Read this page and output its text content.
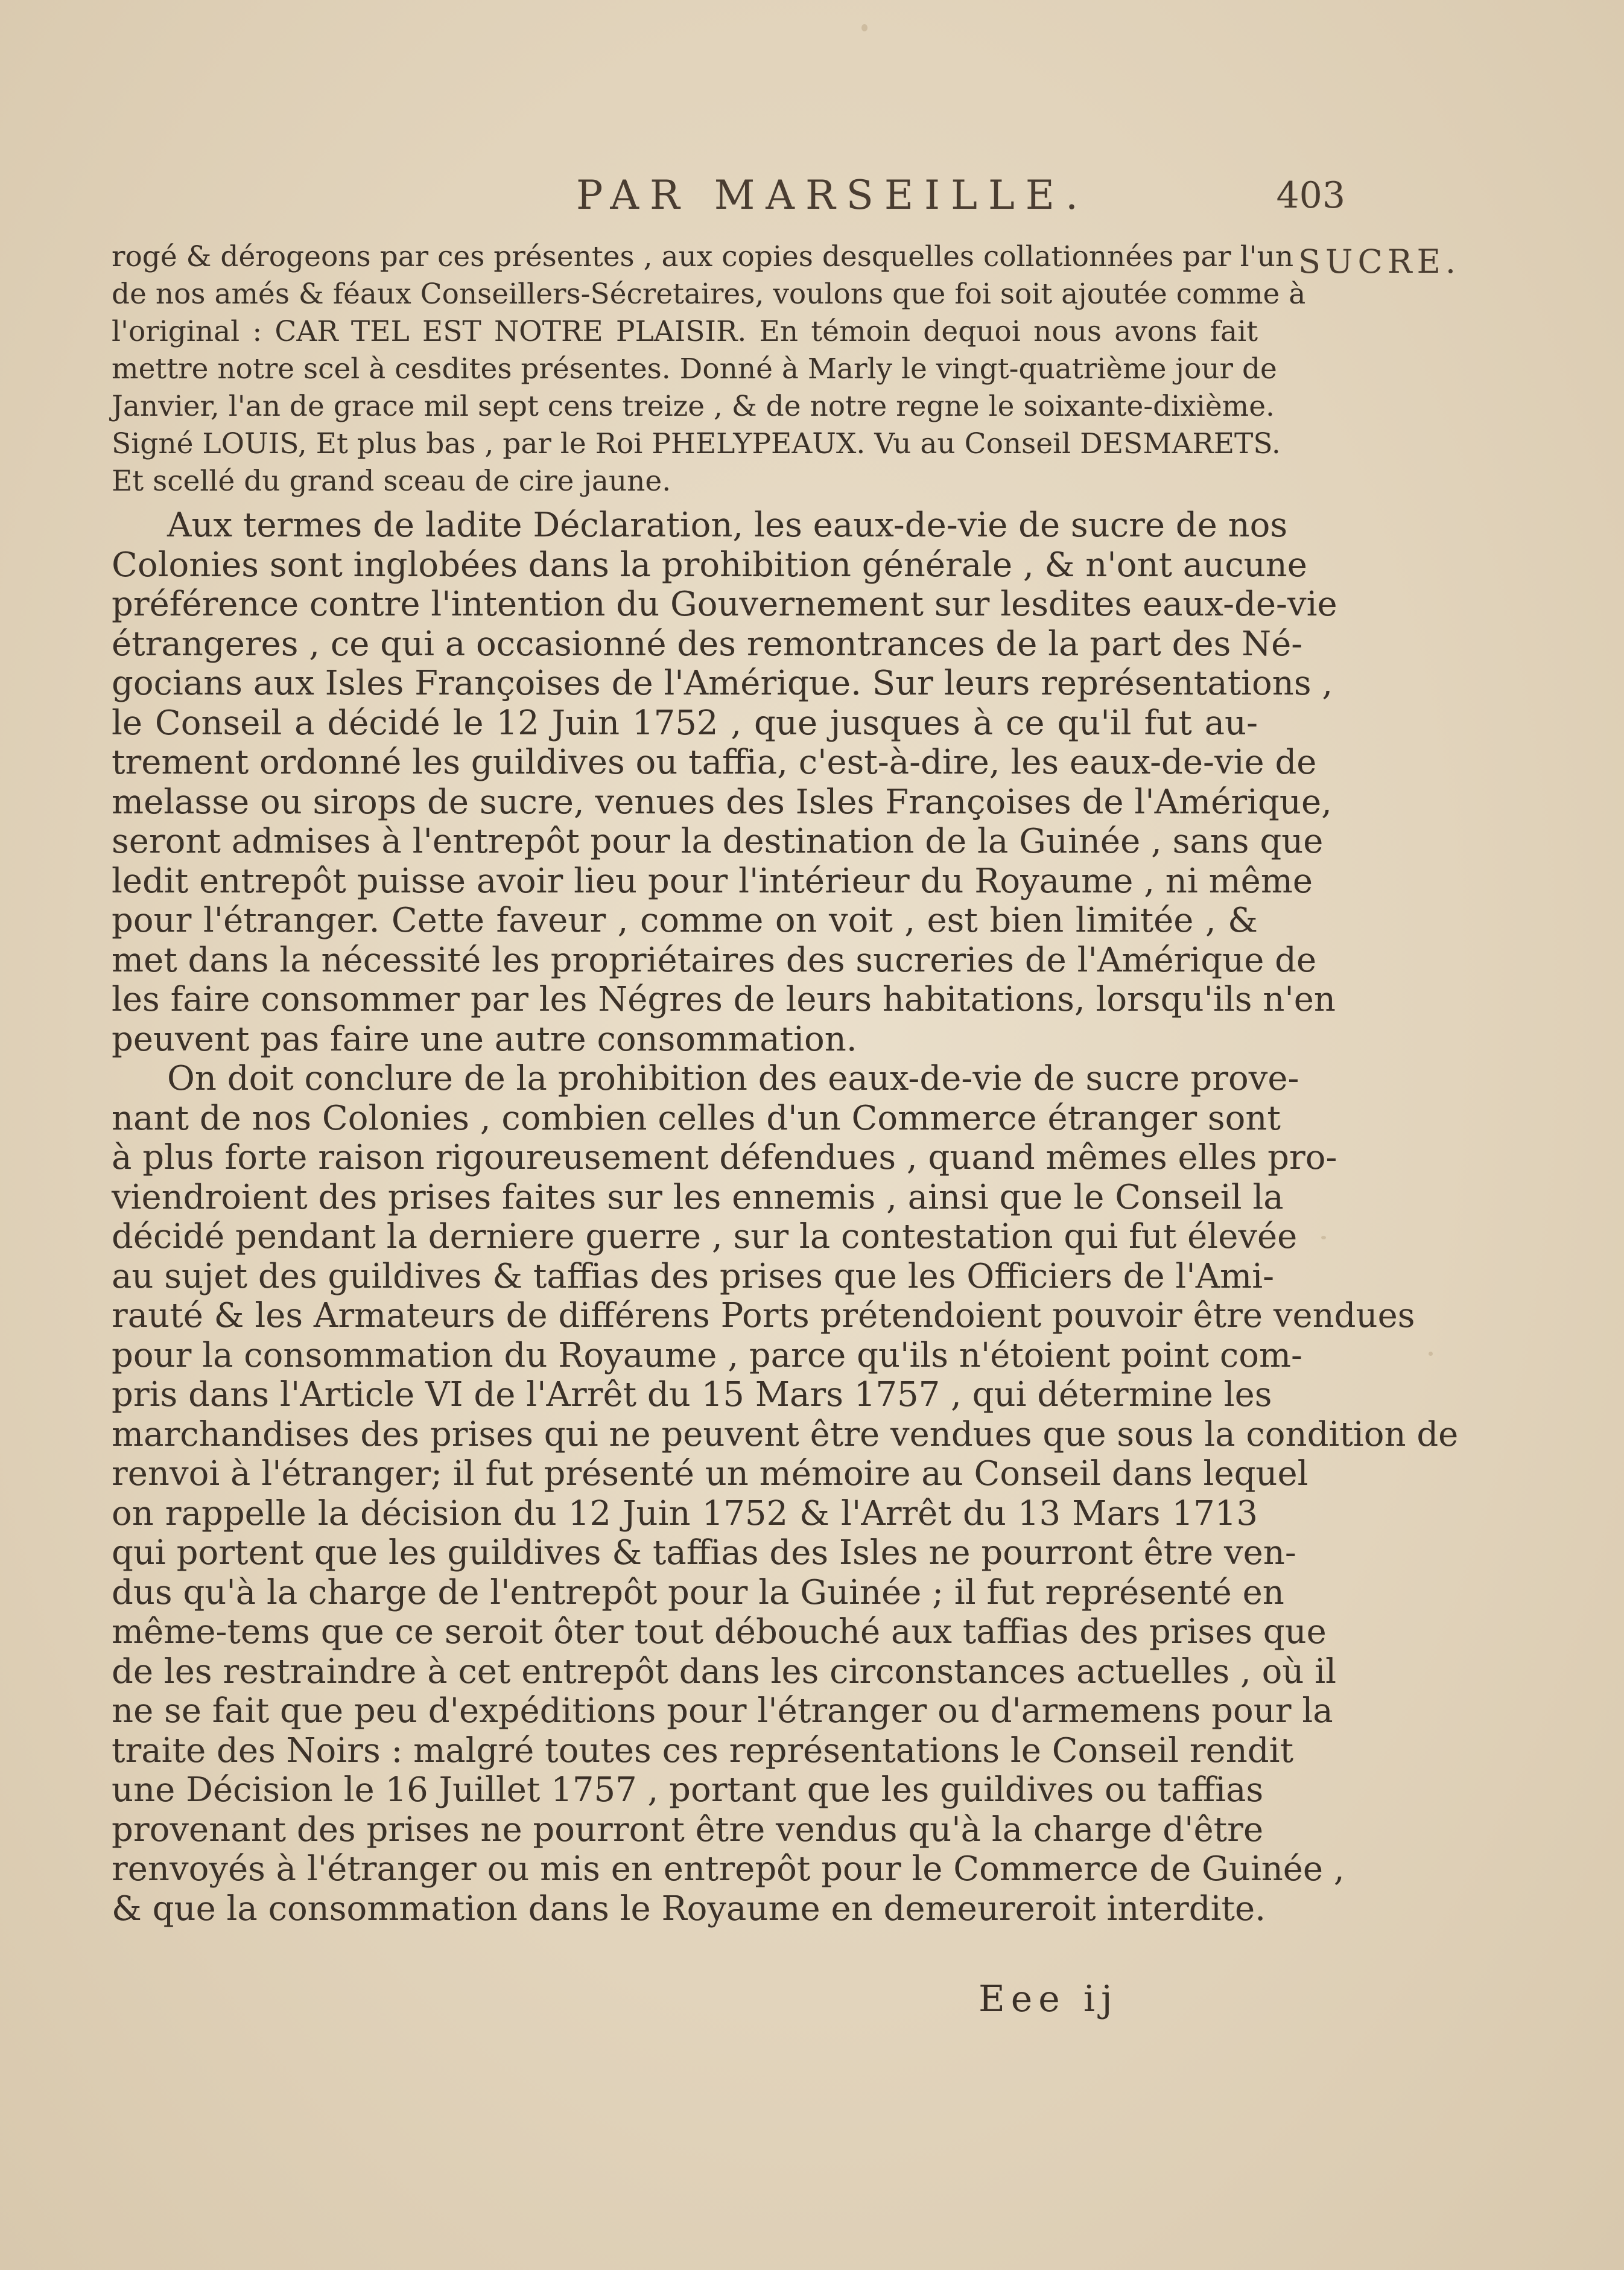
PAR MARSEILLE.	403
SUCRE.
rogé & dérogeons par ces présentes , aux copies desquelles collationnées par l'un
de nos amés & féaux Conseillers-Sécretaires, voulons que foi soit ajoutée comme à
l'original : CAR TEL EST NOTRE PLAISIR. En témoin dequoi nous avons fait
mettre notre scel à cesdites présentes. Donné à Marly le vingt-quatrième jour de
Janvier, l'an de grace mil sept cens treize , & de notre regne le soixante-dixième.
Signé LOUIS, Et plus bas , par le Roi PHELYPEAUX. Vu au Conseil DESMARETS.
Et scellé du grand sceau de cire jaune.
Aux termes de ladite Déclaration, les eaux-de-vie de sucre de nos
Colonies sont inglobées dans la prohibition générale , & n'ont aucune
préférence contre l'intention du Gouvernement sur lesdites eaux-de-vie
étrangeres , ce qui a occasionné des remontrances de la part des Né-
gocians aux Isles Françoises de l'Amérique. Sur leurs représentations ,
le Conseil a décidé le 12 Juin 1752 , que jusques à ce qu'il fut au-
trement ordonné les guildives ou taffia, c'est-à-dire, les eaux-de-vie de
melasse ou sirops de sucre, venues des Isles Françoises de l'Amérique,
seront admises à l'entrepôt pour la destination de la Guinée , sans que
ledit entrepôt puisse avoir lieu pour l'intérieur du Royaume , ni même
pour l'étranger. Cette faveur , comme on voit , est bien limitée , &
met dans la nécessité les propriétaires des sucreries de l'Amérique de
les faire consommer par les Négres de leurs habitations, lorsqu'ils n'en
peuvent pas faire une autre consommation.
On doit conclure de la prohibition des eaux-de-vie de sucre prove-
nant de nos Colonies , combien celles d'un Commerce étranger sont
à plus forte raison rigoureusement défendues , quand mêmes elles pro-
viendroient des prises faites sur les ennemis , ainsi que le Conseil la
décidé pendant la derniere guerre , sur la contestation qui fut élevée
au sujet des guildives & taffias des prises que les Officiers de l'Ami-
rauté & les Armateurs de différens Ports prétendoient pouvoir être vendues
pour la consommation du Royaume , parce qu'ils n'étoient point com-
pris dans l'Article VI de l'Arrêt du 15 Mars 1757 , qui détermine les
marchandises des prises qui ne peuvent être vendues que sous la condition de
renvoi à l'étranger; il fut présenté un mémoire au Conseil dans lequel
on rappelle la décision du 12 Juin 1752 & l'Arrêt du 13 Mars 1713
qui portent que les guildives & taffias des Isles ne pourront être ven-
dus qu'à la charge de l'entrepôt pour la Guinée ; il fut représenté en
même-tems que ce seroit ôter tout débouché aux taffias des prises que
de les restraindre à cet entrepôt dans les circonstances actuelles , où il
ne se fait que peu d'expéditions pour l'étranger ou d'armemens pour la
traite des Noirs : malgré toutes ces représentations le Conseil rendit
une Décision le 16 Juillet 1757 , portant que les guildives ou taffias
provenant des prises ne pourront être vendus qu'à la charge d'être
renvoyés à l'étranger ou mis en entrepôt pour le Commerce de Guinée ,
& que la consommation dans le Royaume en demeureroit interdite.
Eee ij
